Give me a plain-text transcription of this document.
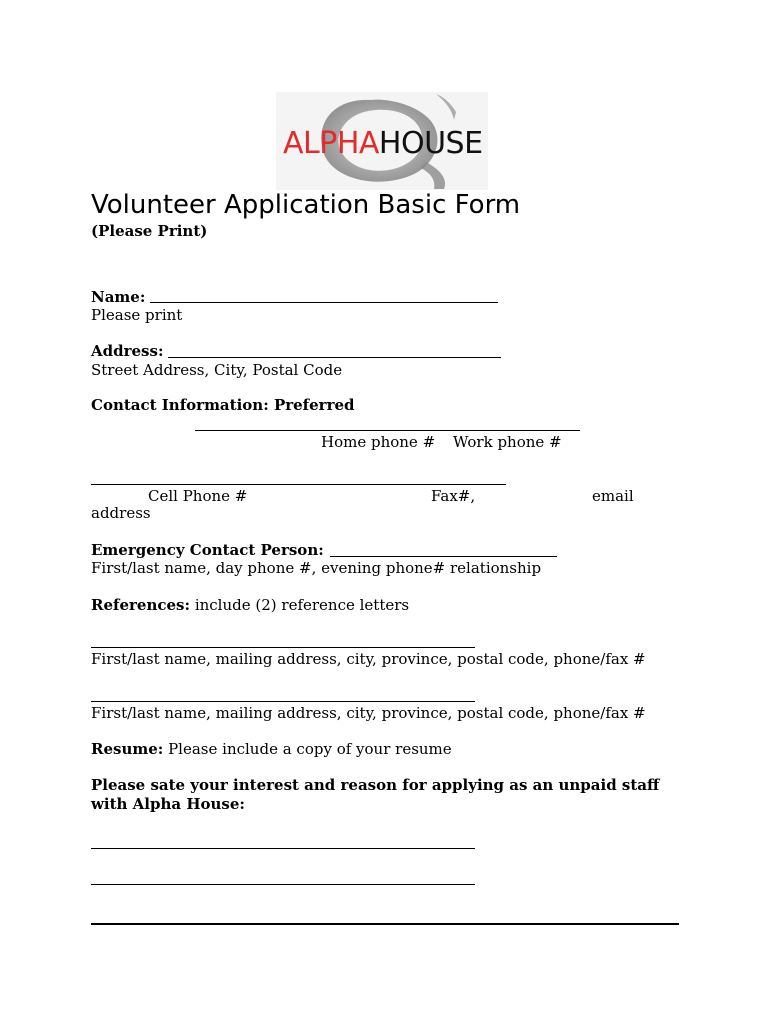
ALPHAHOUSE
Volunteer Application Basic Form
(Please Print)
Name:
Please print
Address:
Street Address, City, Postal Code
Contact Information: Preferred
Home phone # Work phone #
Cell Phone #	Fax#,	email
address
Emergency Contact Person:
First/last name, day phone #, evening phone# relationship
References: include (2) reference letters
First/last name, mailing address, city, province, postal code, phone/fax #
First/last name, mailing address, city, province, postal code, phone/fax #
Resume: Please include a copy of your resume
Please sate your interest and reason for applying as an unpaid staff
with Alpha House:
